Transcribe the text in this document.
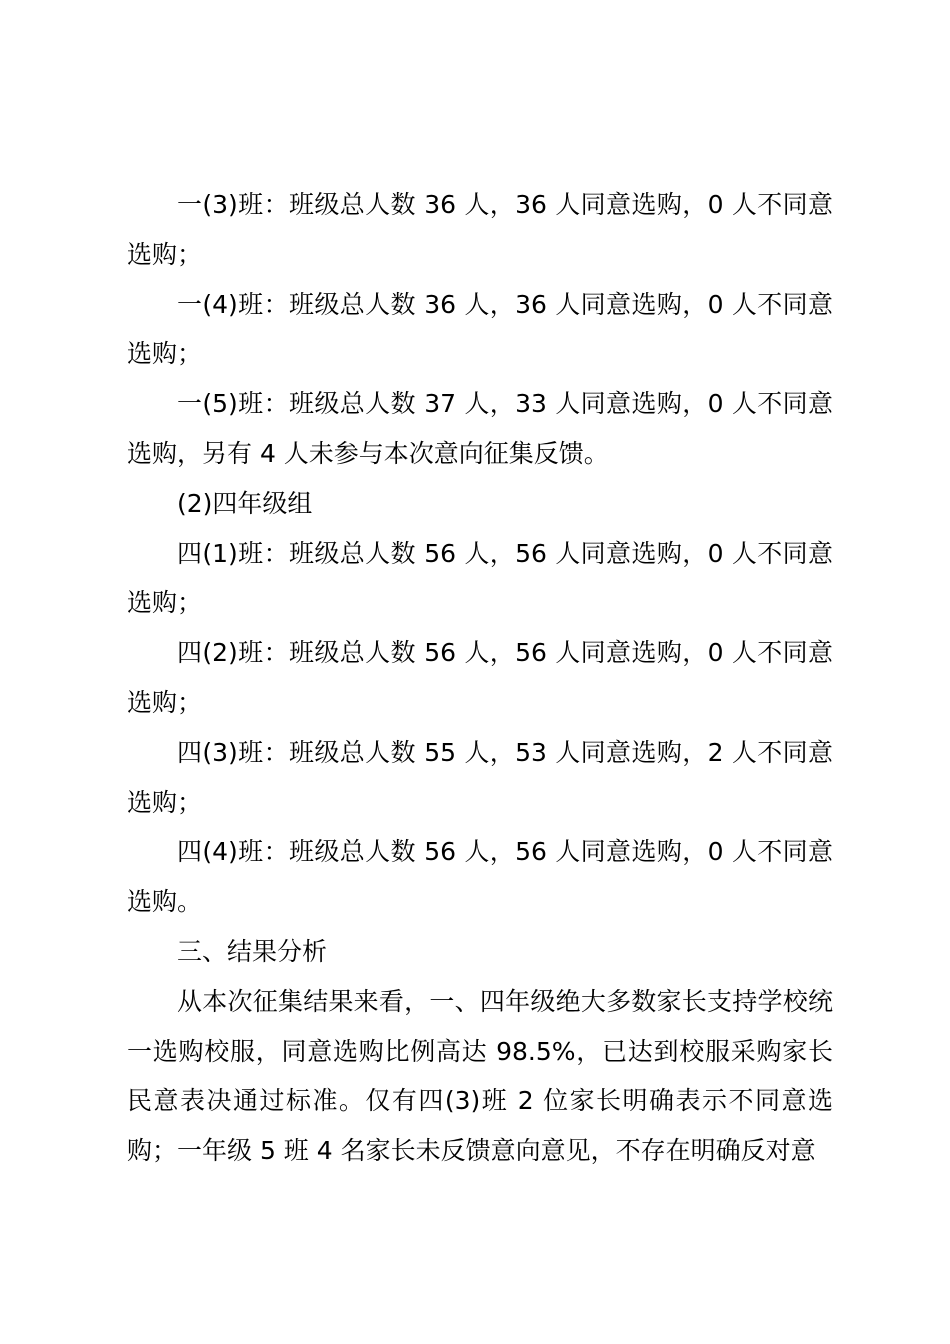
一(3)班：班级总人数 36 人，36 人同意选购，0 人不同意选购；

一(4)班：班级总人数 36 人，36 人同意选购，0 人不同意选购；

一(5)班：班级总人数 37 人，33 人同意选购，0 人不同意选购，另有 4 人未参与本次意向征集反馈。

(2)四年级组

四(1)班：班级总人数 56 人，56 人同意选购，0 人不同意选购；

四(2)班：班级总人数 56 人，56 人同意选购，0 人不同意选购；

四(3)班：班级总人数 55 人，53 人同意选购，2 人不同意选购；

四(4)班：班级总人数 56 人，56 人同意选购，0 人不同意选购。

三、结果分析

从本次征集结果来看，一、四年级绝大多数家长支持学校统一选购校服，同意选购比例高达 98.5%，已达到校服采购家长民意表决通过标准。仅有四(3)班 2 位家长明确表示不同意选购；一年级 5 班 4 名家长未反馈意向意见，不存在明确反对意
